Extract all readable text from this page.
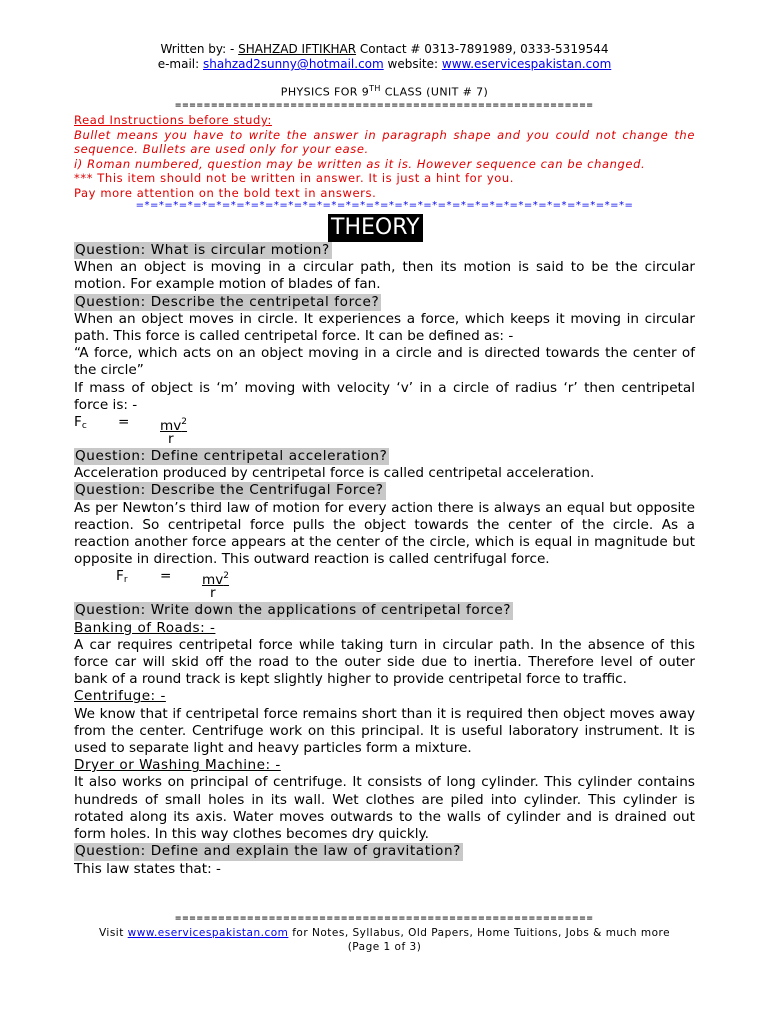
Written by: - SHAHZAD IFTIKHAR Contact # 0313-7891989, 0333-5319544
e-mail: shahzad2sunny@hotmail.com website: www.eservicespakistan.com
PHYSICS FOR 9TH CLASS (UNIT # 7)
==========================================================
Read Instructions before study:
Bullet means you have to write the answer in paragraph shape and you could not change the sequence. Bullets are used only for your ease.
i) Roman numbered, question may be written as it is. However sequence can be changed.
*** This item should not be written in answer. It is just a hint for you.
Pay more attention on the bold text in answers.
=*=*=*=*=*=*=*=*=*=*=*=*=*=*=*=*=*=*=*=*=*=*=*=*=*=*=*=*=*=*=*=*=*=*=
THEORY
Question: What is circular motion?

When an object is moving in a circular path, then its motion is said to be the circular motion. For example motion of blades of fan.

Question: Describe the centripetal force?

When an object moves in circle. It experiences a force, which keeps it moving in circular path. This force is called centripetal force. It can be defined as: -

“A force, which acts on an object moving in a circle and is directed towards the center of the circle”

If mass of object is ‘m’ moving with velocity ‘v’ in a circle of radius ‘r’ then centripetal force is: -

$F_c = mv^2$
r
Question: Define centripetal acceleration?

Acceleration produced by centripetal force is called centripetal acceleration.

Question: Describe the Centrifugal Force?

As per Newton’s third law of motion for every action there is always an equal but opposite reaction. So centripetal force pulls the object towards the center of the circle. As a reaction another force appears at the center of the circle, which is equal in magnitude but opposite in direction. This outward reaction is called centrifugal force.

$F_r = mv^2$
r
Question: Write down the applications of centripetal force?
Banking of Roads: -

A car requires centripetal force while taking turn in circular path. In the absence of this force car will skid off the road to the outer side due to inertia. Therefore level of outer bank of a round track is kept slightly higher to provide centripetal force to traffic.

Centrifuge: -

We know that if centripetal force remains short than it is required then object moves away from the center. Centrifuge work on this principal. It is useful laboratory instrument. It is used to separate light and heavy particles form a mixture.

Dryer or Washing Machine: -

It also works on principal of centrifuge. It consists of long cylinder. This cylinder contains hundreds of small holes in its wall. Wet clothes are piled into cylinder. This cylinder is rotated along its axis. Water moves outwards to the walls of cylinder and is drained out form holes. In this way clothes becomes dry quickly.

Question: Define and explain the law of gravitation?

This law states that: -

==========================================================
Visit www.eservicespakistan.com for Notes, Syllabus, Old Papers, Home Tuitions, Jobs & much more
(Page 1 of 3)
